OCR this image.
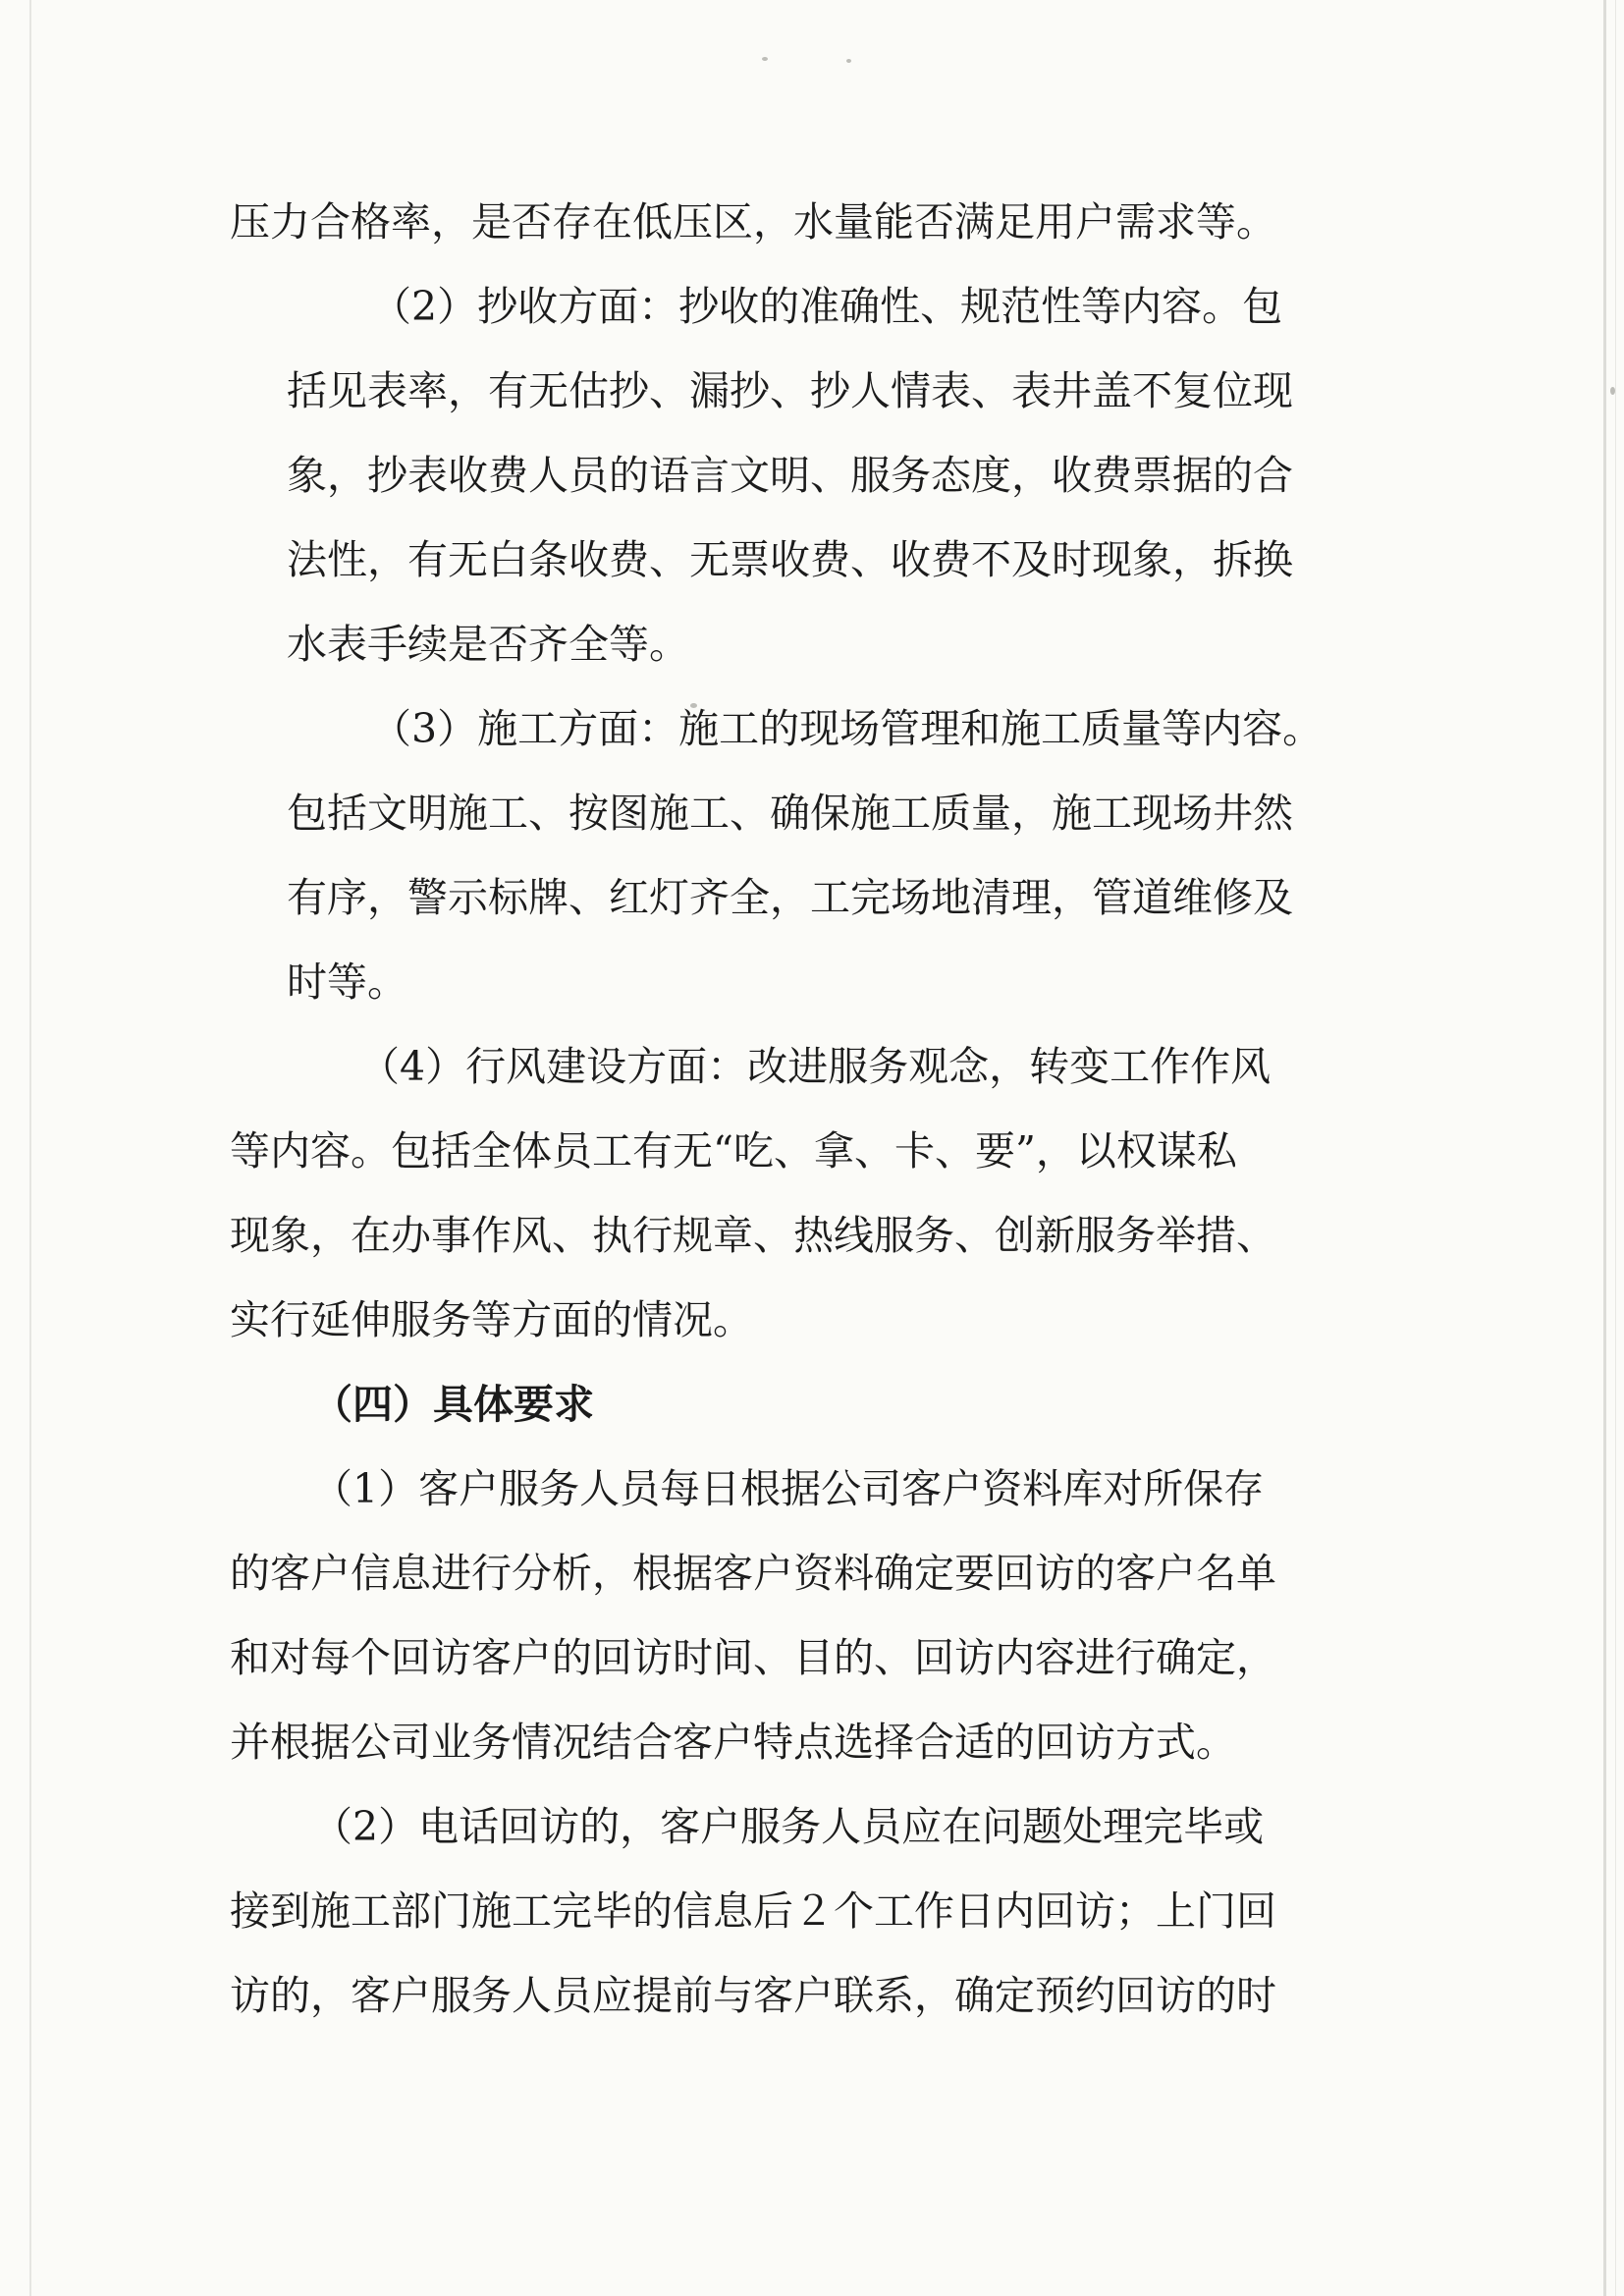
压力合格率，是否存在低压区，水量能否满足用户需求等。
（2）抄收方面：抄收的准确性、规范性等内容。包
括见表率，有无估抄、漏抄、抄人情表、表井盖不复位现
象，抄表收费人员的语言文明、服务态度，收费票据的合
法性，有无白条收费、无票收费、收费不及时现象，拆换
水表手续是否齐全等。
（3）施工方面：施工的现场管理和施工质量等内容。
包括文明施工、按图施工、确保施工质量，施工现场井然
有序，警示标牌、红灯齐全，工完场地清理，管道维修及
时等。
（4）行风建设方面：改进服务观念，转变工作作风
等内容。包括全体员工有无“吃、拿、卡、要”，以权谋私
现象，在办事作风、执行规章、热线服务、创新服务举措、
实行延伸服务等方面的情况。
（四）具体要求
（1）客户服务人员每日根据公司客户资料库对所保存
的客户信息进行分析，根据客户资料确定要回访的客户名单
和对每个回访客户的回访时间、目的、回访内容进行确定，
并根据公司业务情况结合客户特点选择合适的回访方式。
（2）电话回访的，客户服务人员应在问题处理完毕或
接到施工部门施工完毕的信息后２个工作日内回访；上门回
访的，客户服务人员应提前与客户联系，确定预约回访的时
